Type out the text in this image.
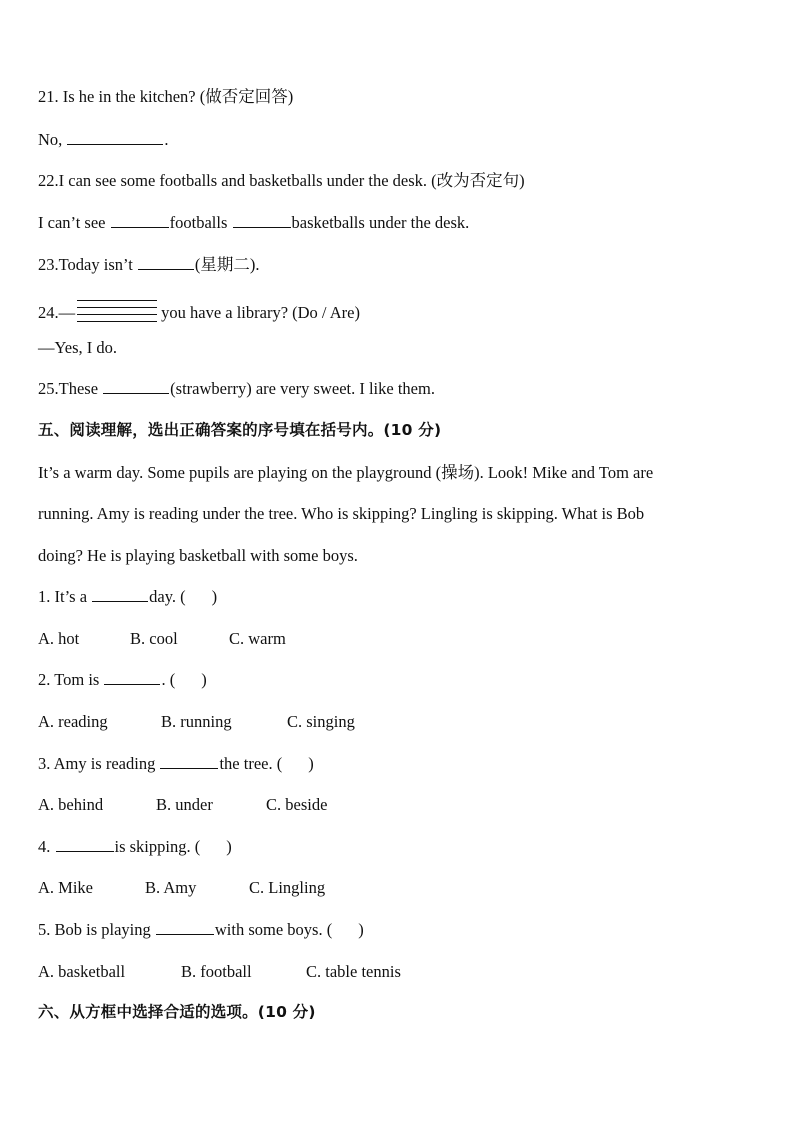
21. Is he in the kitchen? (做否定回答)
No,	.
22.I can see some footballs and basketballs under the desk. (改为否定句)
I can’t see	footballs	basketballs under the desk.
23.Today isn’t	(星期二).
24.—	you have a library? (Do / Are)
—Yes, I do.
25.These	(strawberry) are very sweet. I like them.
五、阅读理解，选出正确答案的序号填在括号内。(10 分)
It’s a warm day. Some pupils are playing on the playground (操场). Look! Mike and Tom are
running. Amy is reading under the tree. Who is skipping? Lingling is skipping. What is Bob
doing? He is playing basketball with some boys.
1. It’s a	day. ( )
A. hot	B. cool	C. warm
2. Tom is	. ( )
A. reading	B. running	C. singing
3. Amy is reading	the tree. ( )
A. behind	B. under	C. beside
4.	is skipping. ( )
A. Mike	B. Amy	C. Lingling
5. Bob is playing	with some boys. ( )
A. basketball	B. football	C. table tennis
六、从方框中选择合适的选项。(10 分)
